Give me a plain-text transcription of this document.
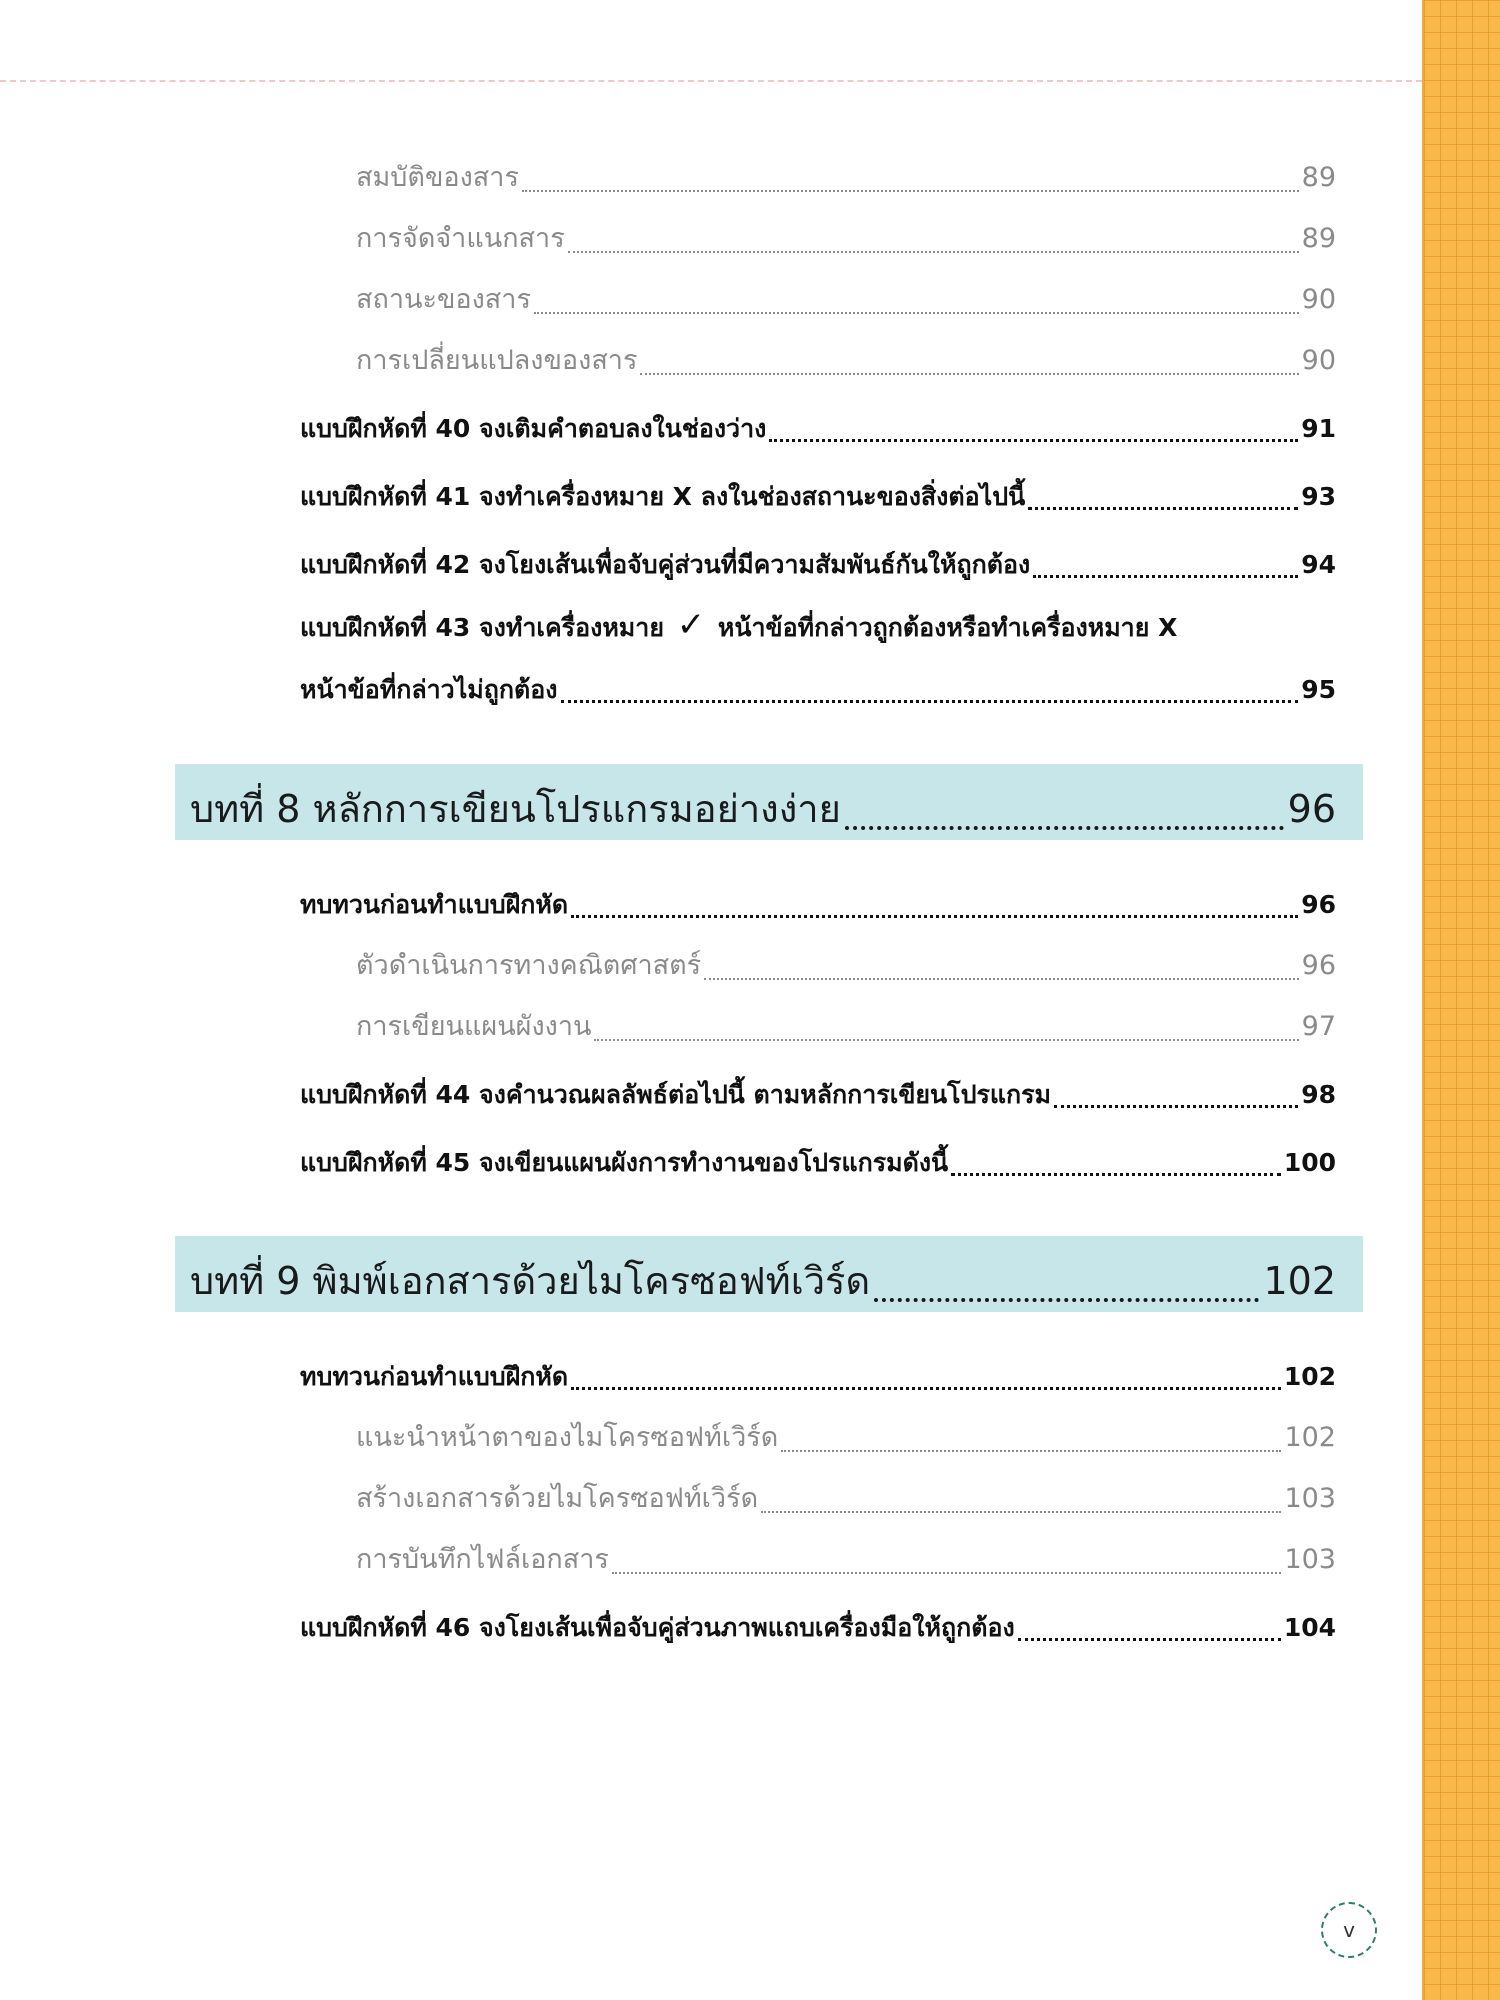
สมบัติของสาร	89
การจัดจำแนกสาร	89
สถานะของสาร	90
การเปลี่ยนแปลงของสาร	90
แบบฝึกหัดที่ 40 จงเติมคำตอบลงในช่องว่าง	91
แบบฝึกหัดที่ 41 จงทำเครื่องหมาย X ลงในช่องสถานะของสิ่งต่อไปนี้	93
แบบฝึกหัดที่ 42 จงโยงเส้นเพื่อจับคู่ส่วนที่มีความสัมพันธ์กันให้ถูกต้อง	94
แบบฝึกหัดที่ 43 จงทำเครื่องหมาย ✓ หน้าข้อที่กล่าวถูกต้องหรือทำเครื่องหมาย X
หน้าข้อที่กล่าวไม่ถูกต้อง	95
บทที่ 8 หลักการเขียนโปรแกรมอย่างง่าย	96
ทบทวนก่อนทำแบบฝึกหัด	96
ตัวดำเนินการทางคณิตศาสตร์	96
การเขียนแผนผังงาน	97
แบบฝึกหัดที่ 44 จงคำนวณผลลัพธ์ต่อไปนี้ ตามหลักการเขียนโปรแกรม	98
แบบฝึกหัดที่ 45 จงเขียนแผนผังการทำงานของโปรแกรมดังนี้	100
บทที่ 9 พิมพ์เอกสารด้วยไมโครซอฟท์เวิร์ด	102
ทบทวนก่อนทำแบบฝึกหัด	102
แนะนำหน้าตาของไมโครซอฟท์เวิร์ด	102
สร้างเอกสารด้วยไมโครซอฟท์เวิร์ด	103
การบันทึกไฟล์เอกสาร	103
แบบฝึกหัดที่ 46 จงโยงเส้นเพื่อจับคู่ส่วนภาพแถบเครื่องมือให้ถูกต้อง	104
v
